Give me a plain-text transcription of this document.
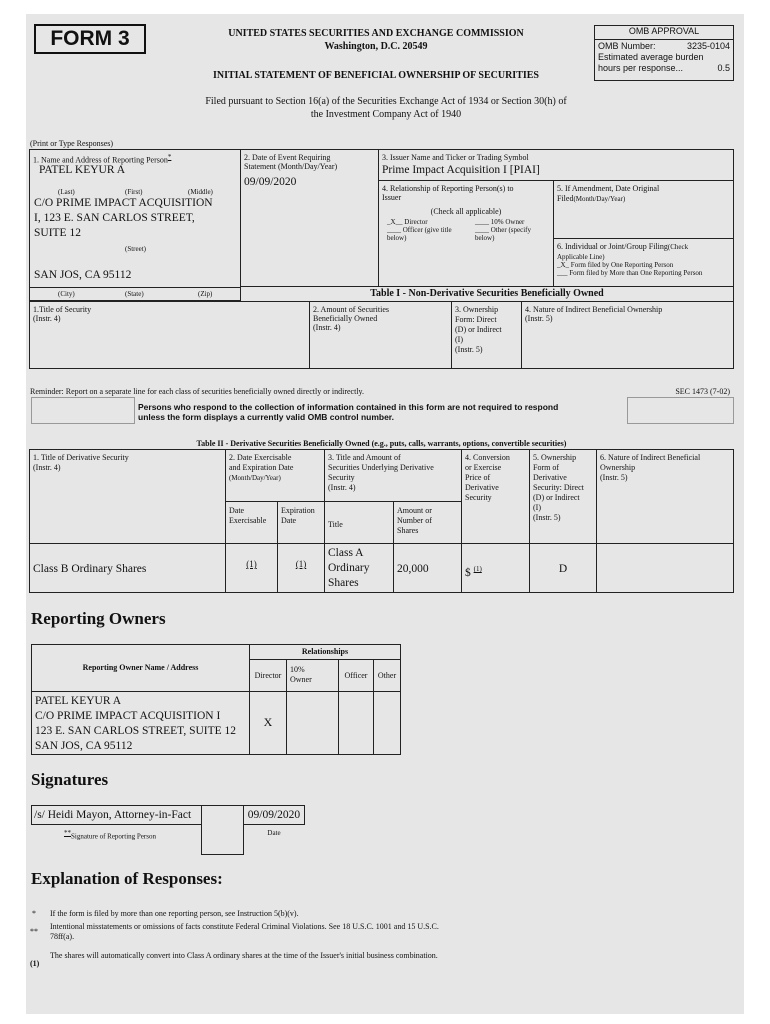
FORM 3	UNITED STATES SECURITIES AND EXCHANGE COMMISSION
Washington, D.C. 20549
INITIAL STATEMENT OF BENEFICIAL OWNERSHIP OF SECURITIES
OMB APPROVAL
OMB Number:	3235-0104
Estimated average burden
hours per response...	0.5
Filed pursuant to Section 16(a) of the Securities Exchange Act of 1934 or Section 30(h) of
the Investment Company Act of 1940
(Print or Type Responses)
1. Name and Address of Reporting Person*
PATEL KEYUR A
(Last)	(First)	(Middle)
C/O PRIME IMPACT ACQUISITION
I, 123 E. SAN CARLOS STREET,
SUITE 12
(Street)
SAN JOS, CA 95112
(City)	(State)	(Zip)
2. Date of Event Requiring
Statement (Month/Day/Year)
09/09/2020
3. Issuer Name and Ticker or Trading Symbol
Prime Impact Acquisition I [PIAI]
4. Relationship of Reporting Person(s) to
Issuer
(Check all applicable)
_X__ Director	____ 10% Owner
____ Officer (give title
below)
____ Other (specify
below)
5. If Amendment, Date Original
Filed(Month/Day/Year)
6. Individual or Joint/Group Filing(Check
Applicable Line)
_X_ Form filed by One Reporting Person
___ Form filed by More than One Reporting Person
Table I - Non-Derivative Securities Beneficially Owned
1.Title of Security
(Instr. 4)
2. Amount of Securities
Beneficially Owned
(Instr. 4)
3. Ownership
Form: Direct
(D) or Indirect
(I)
(Instr. 5)
4. Nature of Indirect Beneficial Ownership
(Instr. 5)
Reminder: Report on a separate line for each class of securities beneficially owned directly or indirectly.	SEC 1473 (7-02)
Persons who respond to the collection of information contained in this form are not required to respond
unless the form displays a currently valid OMB control number.
Table II - Derivative Securities Beneficially Owned (e.g., puts, calls, warrants, options, convertible securities)
1. Title of Derivative Security
(Instr. 4)
2. Date Exercisable
and Expiration Date
(Month/Day/Year)
Date
Exercisable
Expiration
Date
3. Title and Amount of
Securities Underlying Derivative
Security
(Instr. 4)
Title
Amount or
Number of
Shares
4. Conversion
or Exercise
Price of
Derivative
Security
5. Ownership
Form of
Derivative
Security: Direct
(D) or Indirect
(I)
(Instr. 5)
6. Nature of Indirect Beneficial
Ownership
(Instr. 5)
Class B Ordinary Shares	(1)	(1)
Class A
Ordinary
Shares
20,000	$ $^{(1)}$	D
Reporting Owners
Reporting Owner Name / Address
Relationships
Director
10%
Owner	Officer	Other
PATEL KEYUR A
C/O PRIME IMPACT ACQUISITION I
123 E. SAN CARLOS STREET, SUITE 12
SAN JOS, CA 95112
X
Signatures
/s/ Heidi Mayon, Attorney-in-Fact	09/09/2020
**Signature of Reporting Person	Date
Explanation of Responses:
* If the form is filed by more than one reporting person, see Instruction 5(b)(v).
**
Intentional misstatements or omissions of facts constitute Federal Criminal Violations. See 18 U.S.C. 1001 and 15 U.S.C.
78ff(a).
(1)
The shares will automatically convert into Class A ordinary shares at the time of the Issuer's initial business combination.
